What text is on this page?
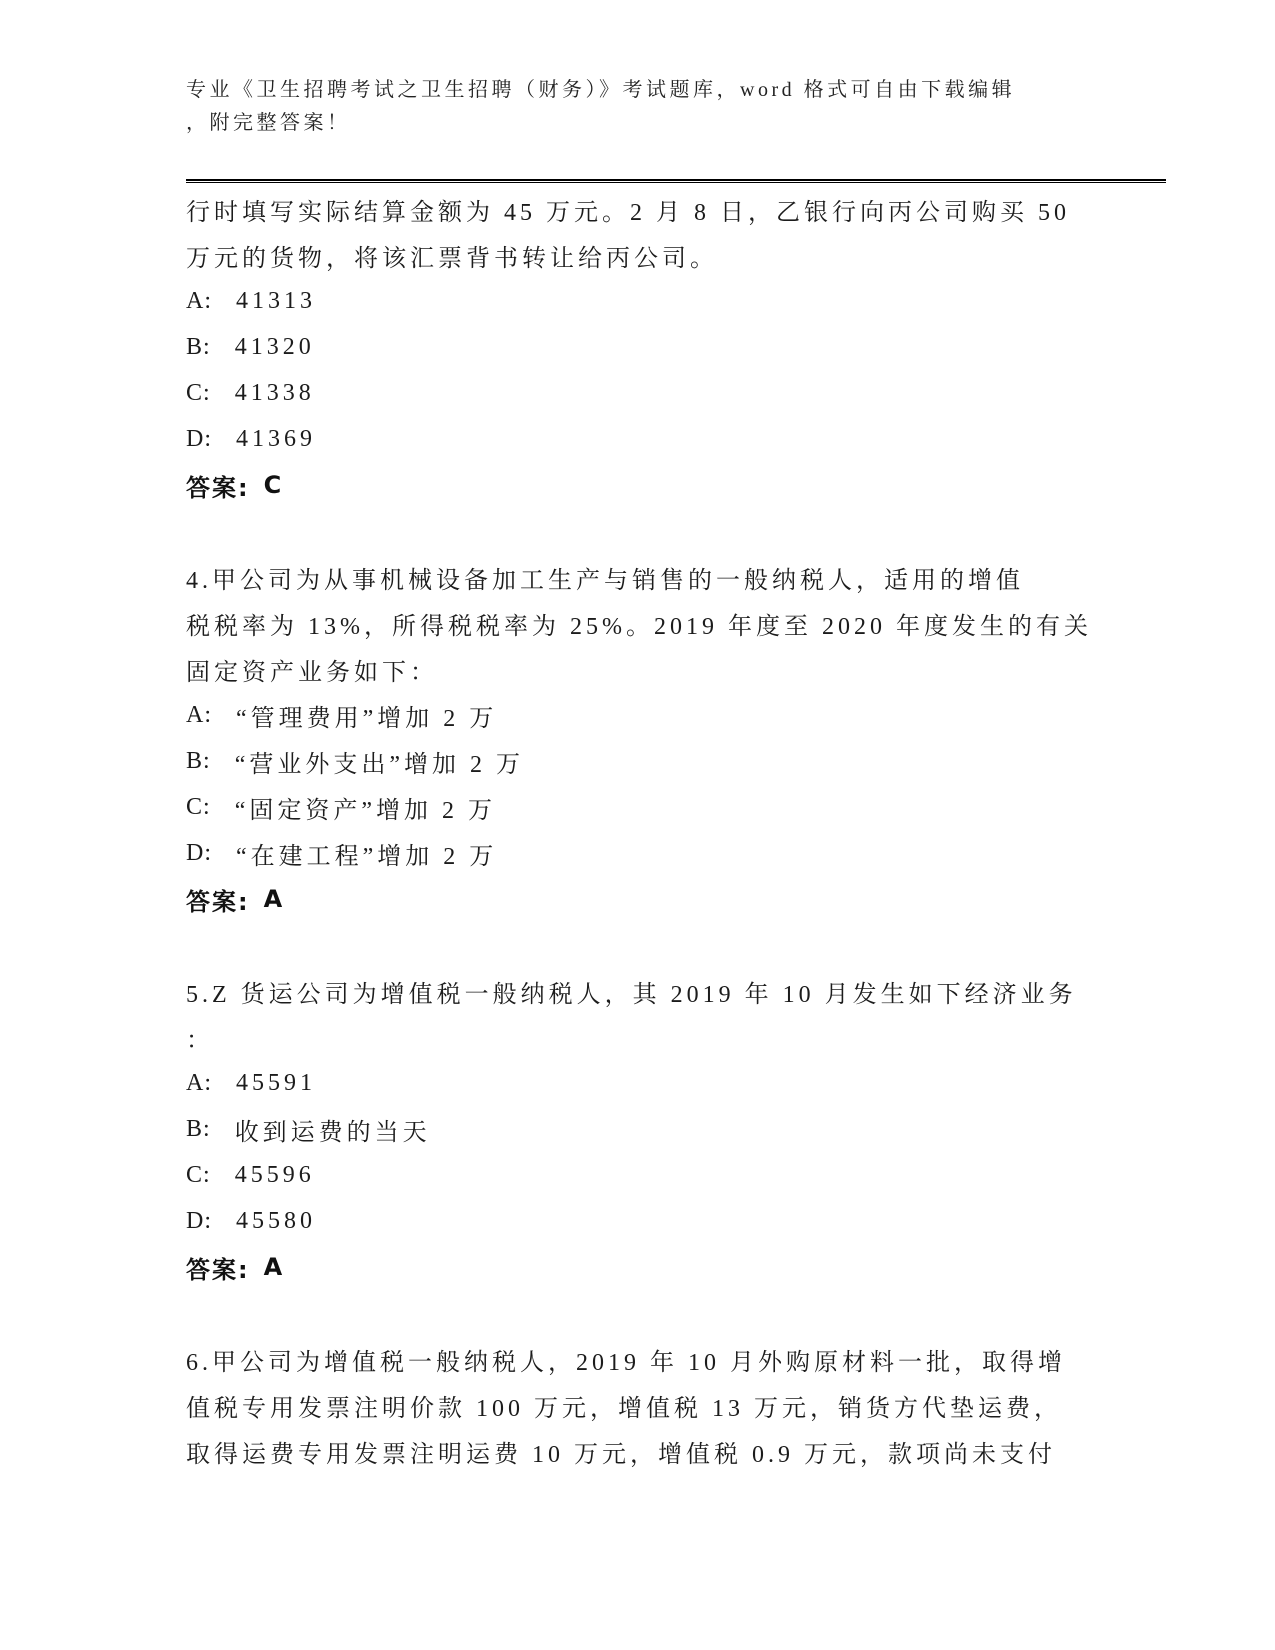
专业《卫生招聘考试之卫生招聘（财务）》考试题库，word 格式可自由下载编辑
，附完整答案！
行时填写实际结算金额为 45 万元。2 月 8 日，乙银行向丙公司购买 50
万元的货物，将该汇票背书转让给丙公司。
A: 41313
B: 41320
C: 41338
D: 41369
答案: C
4.甲公司为从事机械设备加工生产与销售的一般纳税人，适用的增值
税税率为 13%，所得税税率为 25%。2019 年度至 2020 年度发生的有关
固定资产业务如下：
A: “管理费用”增加 2 万
B: “营业外支出”增加 2 万
C: “固定资产”增加 2 万
D: “在建工程”增加 2 万
答案: A
5.Z 货运公司为增值税一般纳税人，其 2019 年 10 月发生如下经济业务
：
A: 45591
B: 收到运费的当天
C: 45596
D: 45580
答案: A
6.甲公司为增值税一般纳税人，2019 年 10 月外购原材料一批，取得增
值税专用发票注明价款 100 万元，增值税 13 万元，销货方代垫运费，
取得运费专用发票注明运费 10 万元，增值税 0.9 万元，款项尚未支付
